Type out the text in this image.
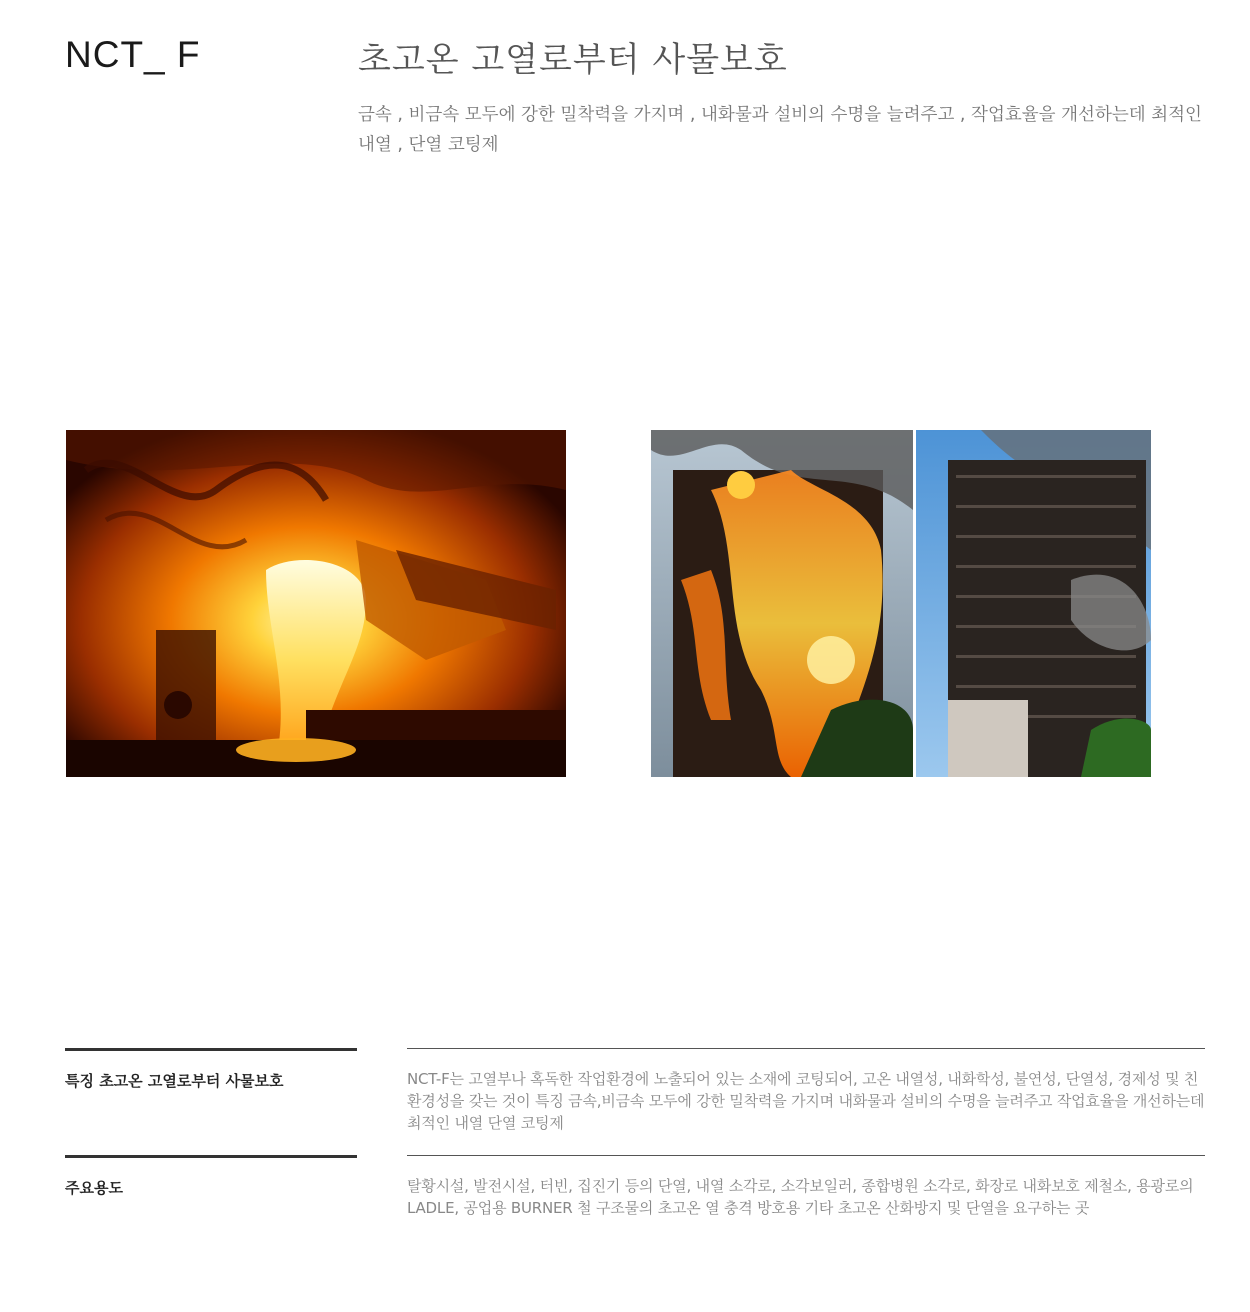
NCT_ F	초고온 고열로부터 사물보호
금속 , 비금속 모두에 강한 밀착력을 가지며 , 내화물과 설비의 수명을 늘려주고 , 작업효율을 개선하는데 최적인 내열 , 단열 코팅제
특징 초고온 고열로부터 사물보호	NCT-F는 고열부나 혹독한 작업환경에 노출되어 있는 소재에 코팅되어, 고온 내열성, 내화학성, 불연성, 단열성, 경제성 및 친환경성을 갖는 것이 특징 금속,비금속 모두에 강한 밀착력을 가지며 내화물과 설비의 수명을 늘려주고 작업효율을 개선하는데 최적인 내열 단열 코팅제
주요용도	탈황시설, 발전시설, 터빈, 집진기 등의 단열, 내열 소각로, 소각보일러, 종합병원 소각로, 화장로 내화보호 제철소, 용광로의 LADLE, 공업용 BURNER 철 구조물의 초고온 열 충격 방호용 기타 초고온 산화방지 및 단열을 요구하는 곳
